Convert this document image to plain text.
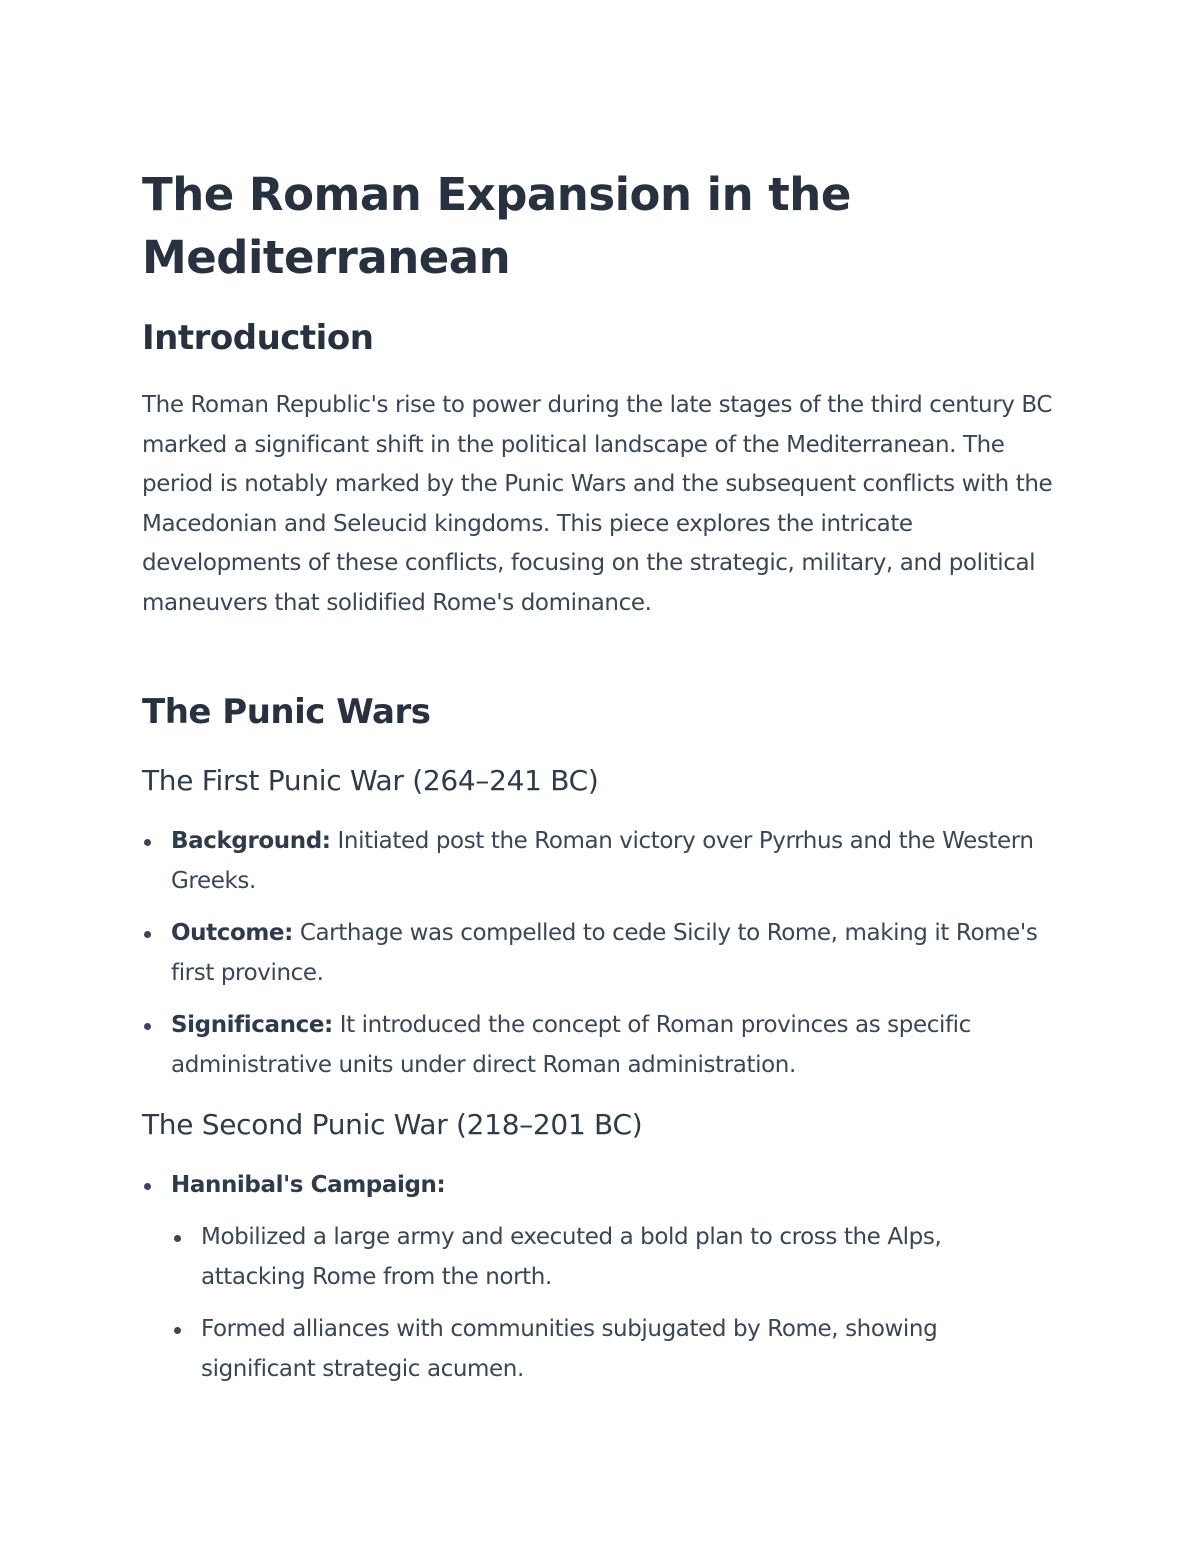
The Roman Expansion in the Mediterranean
Introduction

The Roman Republic's rise to power during the late stages of the third century BC marked a significant shift in the political landscape of the Mediterranean. The period is notably marked by the Punic Wars and the subsequent conflicts with the Macedonian and Seleucid kingdoms. This piece explores the intricate developments of these conflicts, focusing on the strategic, military, and political maneuvers that solidified Rome's dominance.

The Punic Wars
The First Punic War (264–241 BC)
Background: Initiated post the Roman victory over Pyrrhus and the Western Greeks.
Outcome: Carthage was compelled to cede Sicily to Rome, making it Rome's first province.
Significance: It introduced the concept of Roman provinces as specific administrative units under direct Roman administration.
The Second Punic War (218–201 BC)
Hannibal's Campaign:
Mobilized a large army and executed a bold plan to cross the Alps, attacking Rome from the north.
Formed alliances with communities subjugated by Rome, showing significant strategic acumen.
